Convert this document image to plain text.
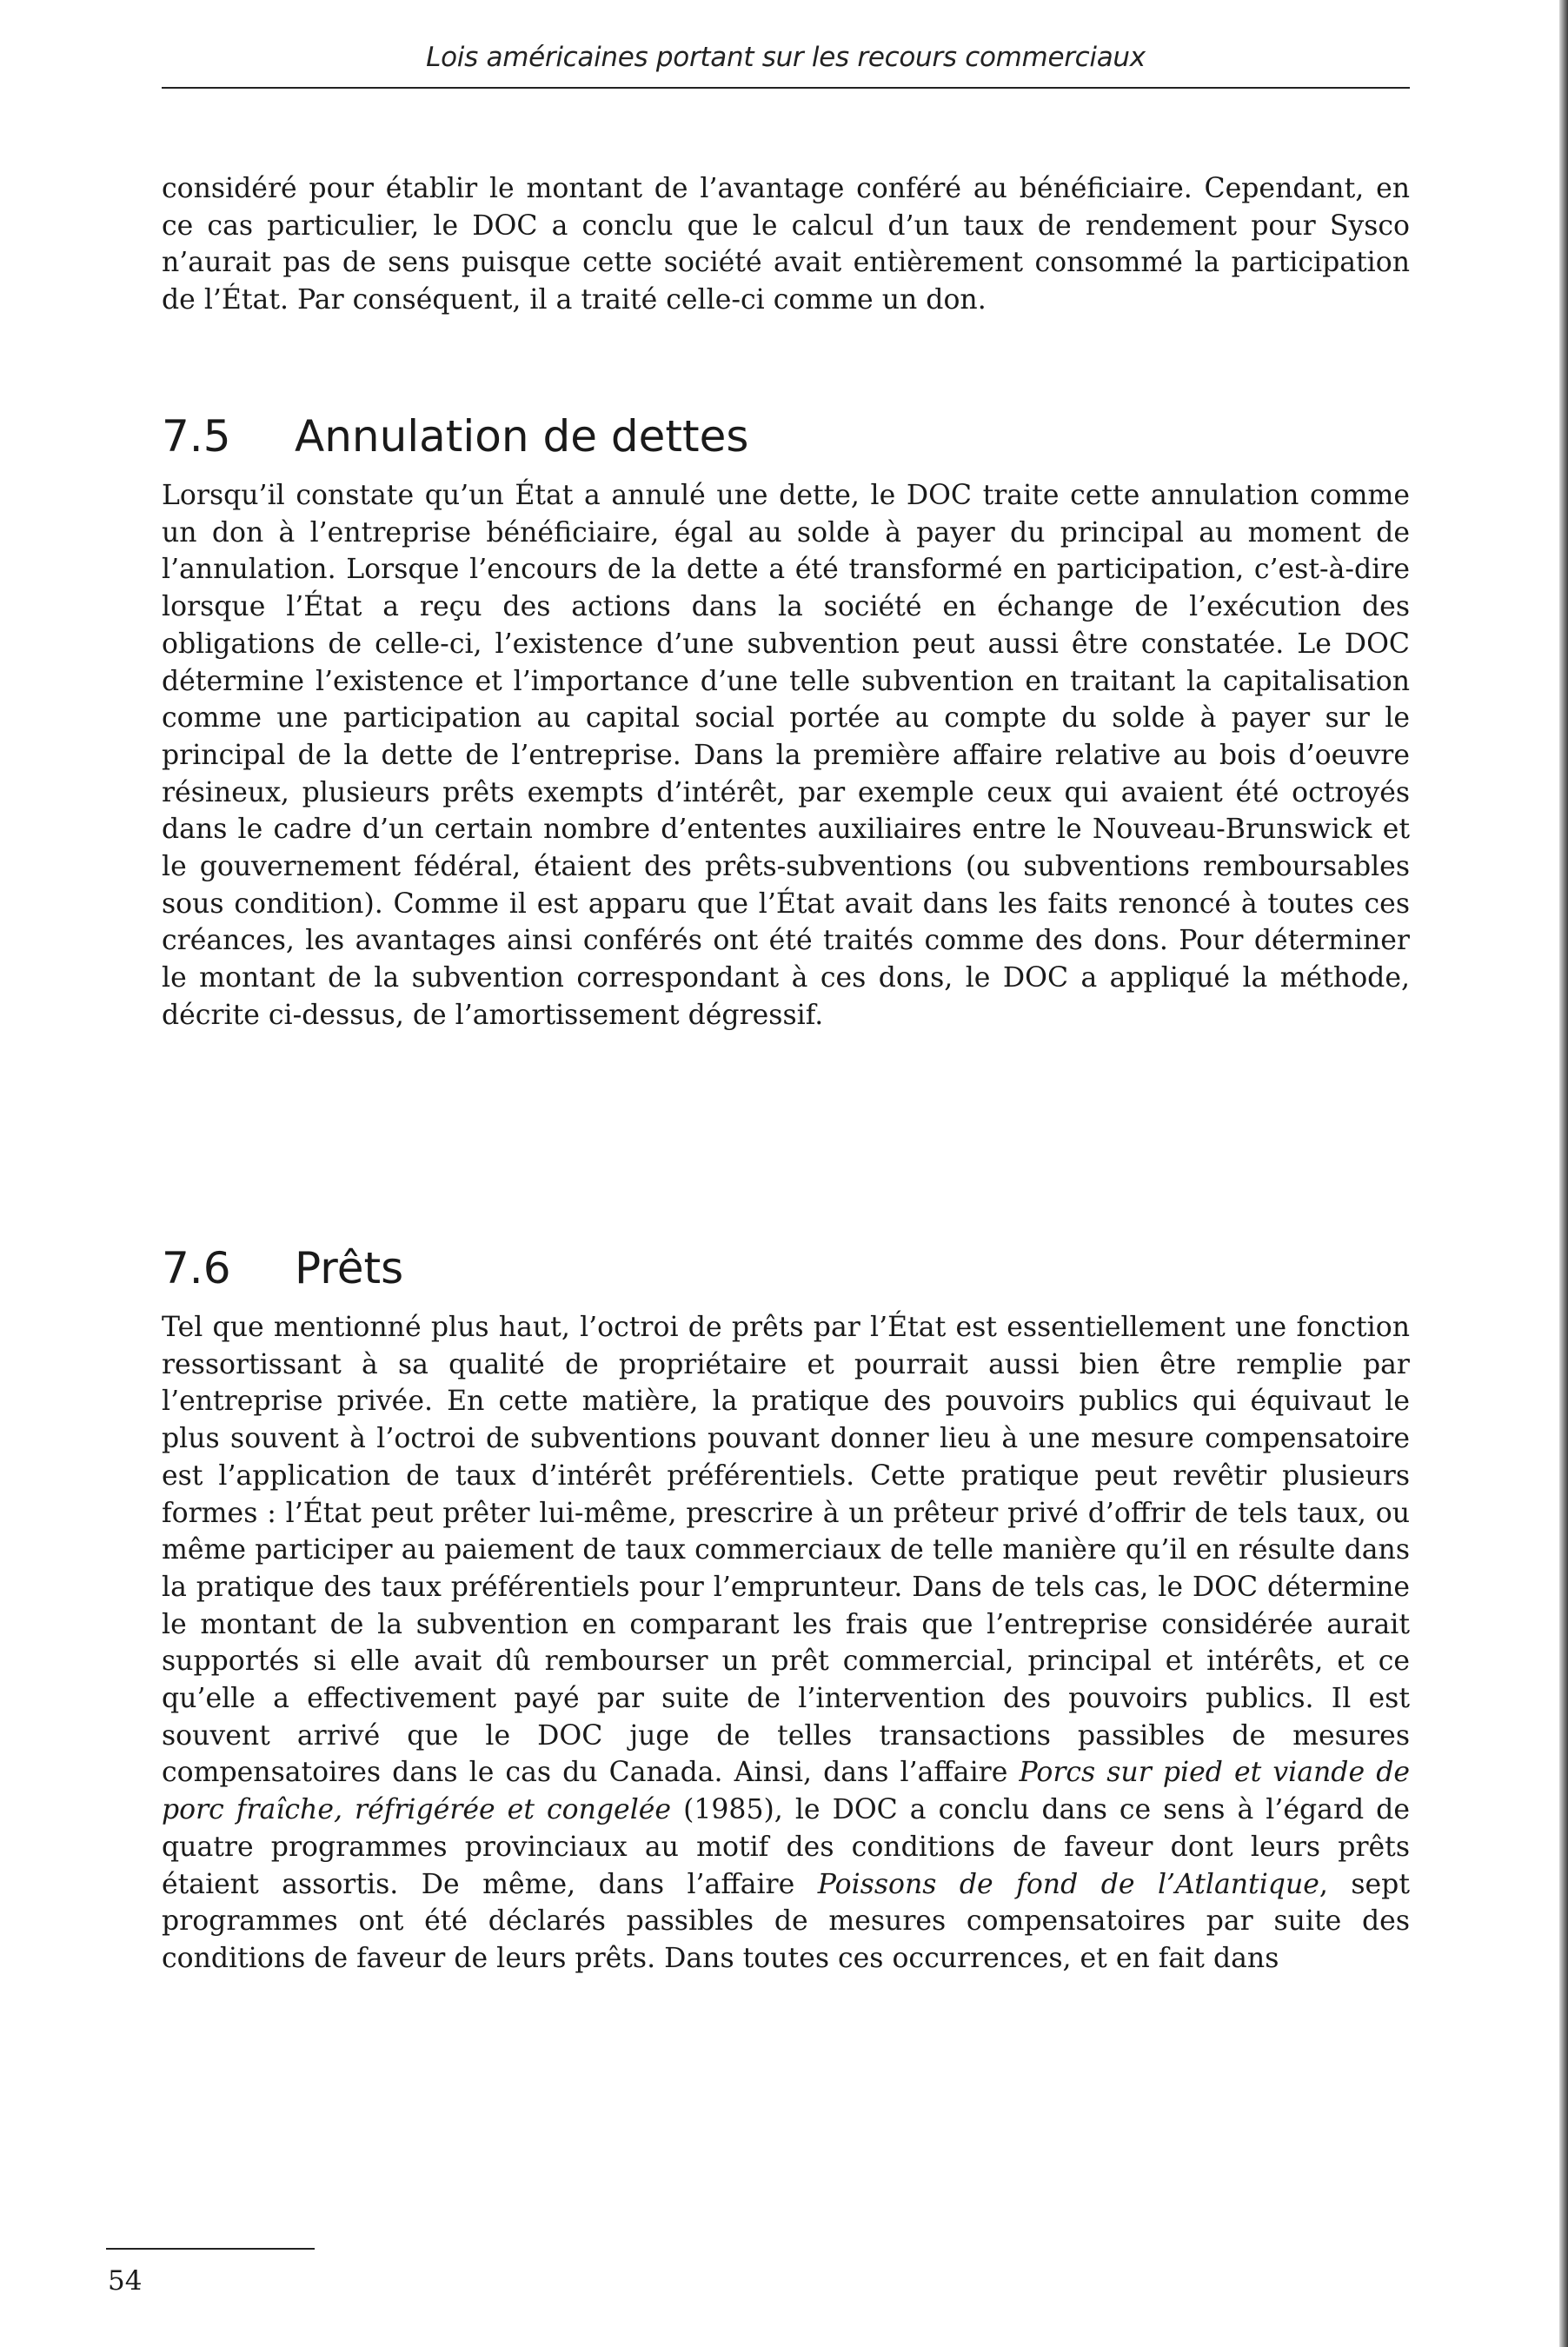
Lois américaines portant sur les recours commerciaux

considéré pour établir le montant de l’avantage conféré au bénéficiaire. Cependant, en ce cas particulier, le DOC a conclu que le calcul d’un taux de rendement pour Sysco n’aurait pas de sens puisque cette société avait entièrement consommé la participation de l’État. Par conséquent, il a traité celle-ci comme un don.

7.5 Annulation de dettes

Lorsqu’il constate qu’un État a annulé une dette, le DOC traite cette annulation comme un don à l’entreprise bénéficiaire, égal au solde à payer du principal au moment de l’annulation. Lorsque l’encours de la dette a été transformé en participation, c’est-à-dire lorsque l’État a reçu des actions dans la société en échange de l’exécution des obligations de celle-ci, l’existence d’une subvention peut aussi être constatée. Le DOC détermine l’existence et l’importance d’une telle subvention en traitant la capitalisation comme une participation au capital social portée au compte du solde à payer sur le principal de la dette de l’entreprise. Dans la première affaire relative au bois d’oeuvre résineux, plusieurs prêts exempts d’intérêt, par exemple ceux qui avaient été octroyés dans le cadre d’un certain nombre d’ententes auxiliaires entre le Nouveau-Brunswick et le gouvernement fédéral, étaient des prêts-subventions (ou subventions remboursables sous condition). Comme il est apparu que l’État avait dans les faits renoncé à toutes ces créances, les avantages ainsi conférés ont été traités comme des dons. Pour déterminer le montant de la subvention correspondant à ces dons, le DOC a appliqué la méthode, décrite ci-dessus, de l’amortissement dégressif.

7.6 Prêts

Tel que mentionné plus haut, l’octroi de prêts par l’État est essentiellement une fonction ressortissant à sa qualité de propriétaire et pourrait aussi bien être remplie par l’entreprise privée. En cette matière, la pratique des pouvoirs publics qui équivaut le plus souvent à l’octroi de subventions pouvant donner lieu à une mesure compensatoire est l’application de taux d’intérêt préférentiels. Cette pratique peut revêtir plusieurs formes : l’État peut prêter lui-même, prescrire à un prêteur privé d’offrir de tels taux, ou même participer au paiement de taux commerciaux de telle manière qu’il en résulte dans la pratique des taux préférentiels pour l’emprunteur. Dans de tels cas, le DOC détermine le montant de la subvention en comparant les frais que l’entreprise considérée aurait supportés si elle avait dû rembourser un prêt commercial, principal et intérêts, et ce qu’elle a effectivement payé par suite de l’intervention des pouvoirs publics. Il est souvent arrivé que le DOC juge de telles transactions passibles de mesures compensatoires dans le cas du Canada. Ainsi, dans l’affaire Porcs sur pied et viande de porc fraîche, réfrigérée et congelée (1985), le DOC a conclu dans ce sens à l’égard de quatre programmes provinciaux au motif des conditions de faveur dont leurs prêts étaient assortis. De même, dans l’affaire Poissons de fond de l’Atlantique, sept programmes ont été déclarés passibles de mesures compensatoires par suite des conditions de faveur de leurs prêts. Dans toutes ces occurrences, et en fait dans

54
